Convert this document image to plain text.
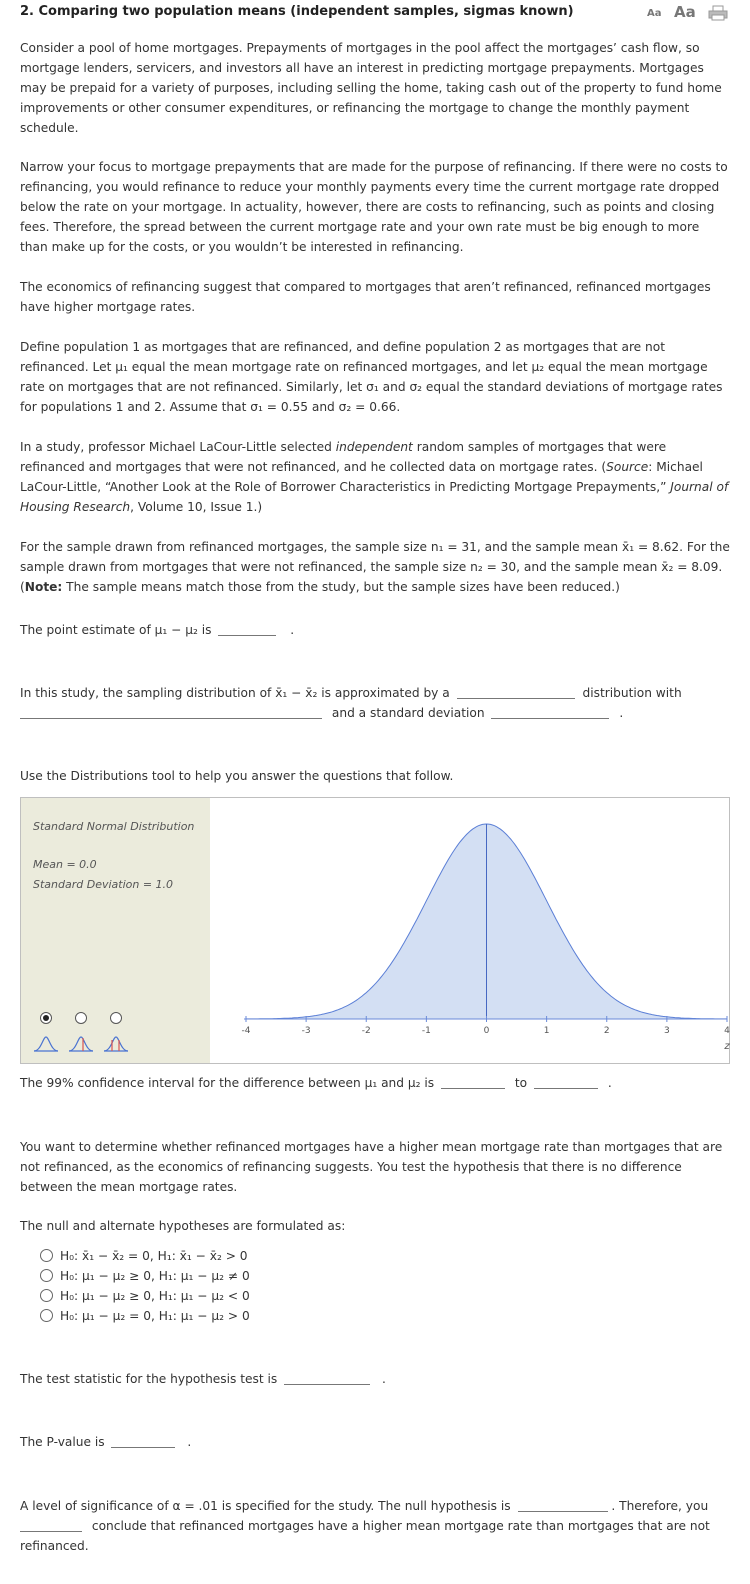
2. Comparing two population means (independent samples, sigmas known)	Aa Aa

Consider a pool of home mortgages. Prepayments of mortgages in the pool affect the mortgages’ cash flow, so mortgage lenders, servicers, and investors all have an interest in predicting mortgage prepayments. Mortgages may be prepaid for a variety of purposes, including selling the home, taking cash out of the property to fund home improvements or other consumer expenditures, or refinancing the mortgage to change the monthly payment schedule.

Narrow your focus to mortgage prepayments that are made for the purpose of refinancing. If there were no costs to refinancing, you would refinance to reduce your monthly payments every time the current mortgage rate dropped below the rate on your mortgage. In actuality, however, there are costs to refinancing, such as points and closing fees. Therefore, the spread between the current mortgage rate and your own rate must be big enough to more than make up for the costs, or you wouldn’t be interested in refinancing.

The economics of refinancing suggest that compared to mortgages that aren’t refinanced, refinanced mortgages have higher mortgage rates.

Define population 1 as mortgages that are refinanced, and define population 2 as mortgages that are not refinanced. Let μ₁ equal the mean mortgage rate on refinanced mortgages, and let μ₂ equal the mean mortgage rate on mortgages that are not refinanced. Similarly, let σ₁ and σ₂ equal the standard deviations of mortgage rates for populations 1 and 2. Assume that σ₁ = 0.55 and σ₂ = 0.66.

In a study, professor Michael LaCour-Little selected independent random samples of mortgages that were refinanced and mortgages that were not refinanced, and he collected data on mortgage rates. (Source: Michael LaCour-Little, “Another Look at the Role of Borrower Characteristics in Predicting Mortgage Prepayments,” Journal of Housing Research, Volume 10, Issue 1.)

For the sample drawn from refinanced mortgages, the sample size n₁ = 31, and the sample mean x̄₁ = 8.62. For the sample drawn from mortgages that were not refinanced, the sample size n₂ = 30, and the sample mean x̄₂ = 8.09. (Note: The sample means match those from the study, but the sample sizes have been reduced.)

The point estimate of μ₁ − μ₂ is	.
In this study, the sampling distribution of x̄₁ − x̄₂ is approximated by a	distribution with
and a standard deviation	.

Use the Distributions tool to help you answer the questions that follow.

Standard Normal Distribution
Mean = 0.0
Standard Deviation = 1.0
-4	-3	-2	-1	0	1	2	3	4
z
The 99% confidence interval for the difference between μ₁ and μ₂ is	to	.

You want to determine whether refinanced mortgages have a higher mean mortgage rate than mortgages that are not refinanced, as the economics of refinancing suggests. You test the hypothesis that there is no difference between the mean mortgage rates.

The null and alternate hypotheses are formulated as:

H₀: x̄₁ − x̄₂ = 0, H₁: x̄₁ − x̄₂ > 0
H₀: μ₁ − μ₂ ≥ 0, H₁: μ₁ − μ₂ ≠ 0
H₀: μ₁ − μ₂ ≥ 0, H₁: μ₁ − μ₂ < 0
H₀: μ₁ − μ₂ = 0, H₁: μ₁ − μ₂ > 0
The test statistic for the hypothesis test is	.
The P-value is	.
A level of significance of α = .01 is specified for the study. The null hypothesis is	. Therefore, you
conclude that refinanced mortgages have a higher mean mortgage rate than mortgages that are not
refinanced.
